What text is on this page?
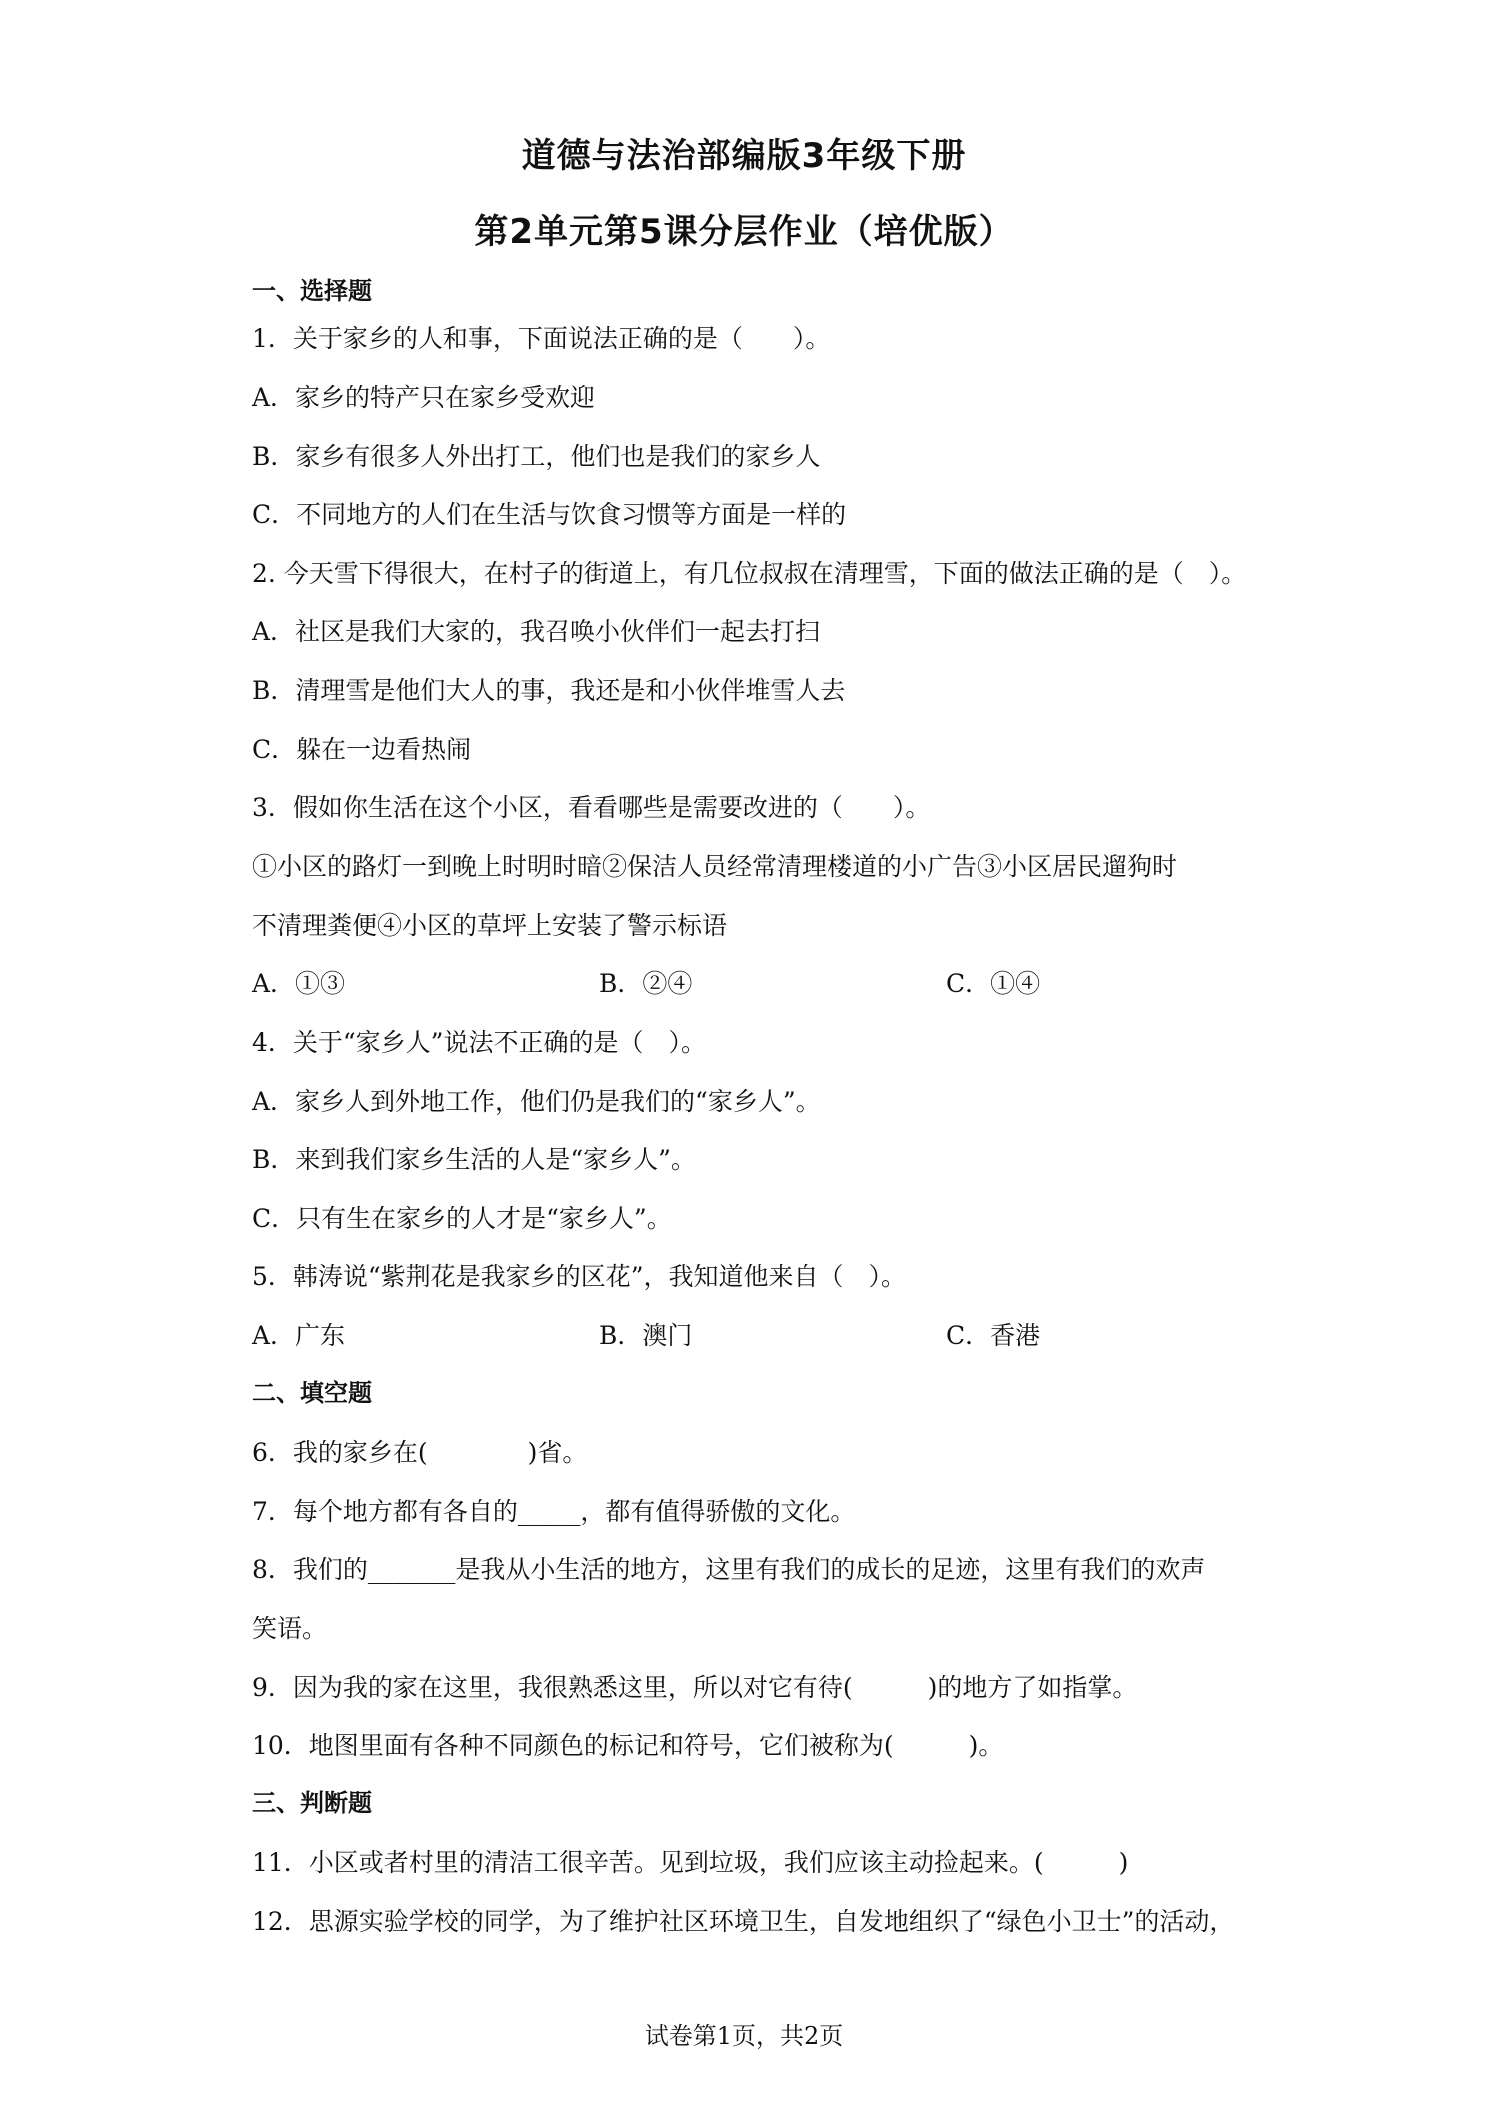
道德与法治部编版3年级下册
第2单元第5课分层作业（培优版）
一、选择题
1．关于家乡的人和事，下面说法正确的是（　　）。
A．家乡的特产只在家乡受欢迎
B．家乡有很多人外出打工，他们也是我们的家乡人
C．不同地方的人们在生活与饮食习惯等方面是一样的
2. 今天雪下得很大，在村子的街道上，有几位叔叔在清理雪，下面的做法正确的是（　）。
A．社区是我们大家的，我召唤小伙伴们一起去打扫
B．清理雪是他们大人的事，我还是和小伙伴堆雪人去
C．躲在一边看热闹
3．假如你生活在这个小区，看看哪些是需要改进的（　　）。
①小区的路灯一到晚上时明时暗②保洁人员经常清理楼道的小广告③小区居民遛狗时
不清理粪便④小区的草坪上安装了警示标语
A．①③	B．②④	C．①④
4．关于“家乡人”说法不正确的是（　）。
A．家乡人到外地工作，他们仍是我们的“家乡人”。
B．来到我们家乡生活的人是“家乡人”。
C．只有生在家乡的人才是“家乡人”。
5．韩涛说“紫荆花是我家乡的区花”，我知道他来自（　）。
A．广东	B．澳门	C．香港
二、填空题
6．我的家乡在(　　　　)省。
7．每个地方都有各自的_____，都有值得骄傲的文化。
8．我们的_______是我从小生活的地方，这里有我们的成长的足迹，这里有我们的欢声
笑语。
9．因为我的家在这里，我很熟悉这里，所以对它有待(　　　)的地方了如指掌。
10．地图里面有各种不同颜色的标记和符号，它们被称为(　　　)。
三、判断题
11．小区或者村里的清洁工很辛苦。见到垃圾，我们应该主动捡起来。(　　　)
12．思源实验学校的同学，为了维护社区环境卫生，自发地组织了“绿色小卫士”的活动，
试卷第1页，共2页
